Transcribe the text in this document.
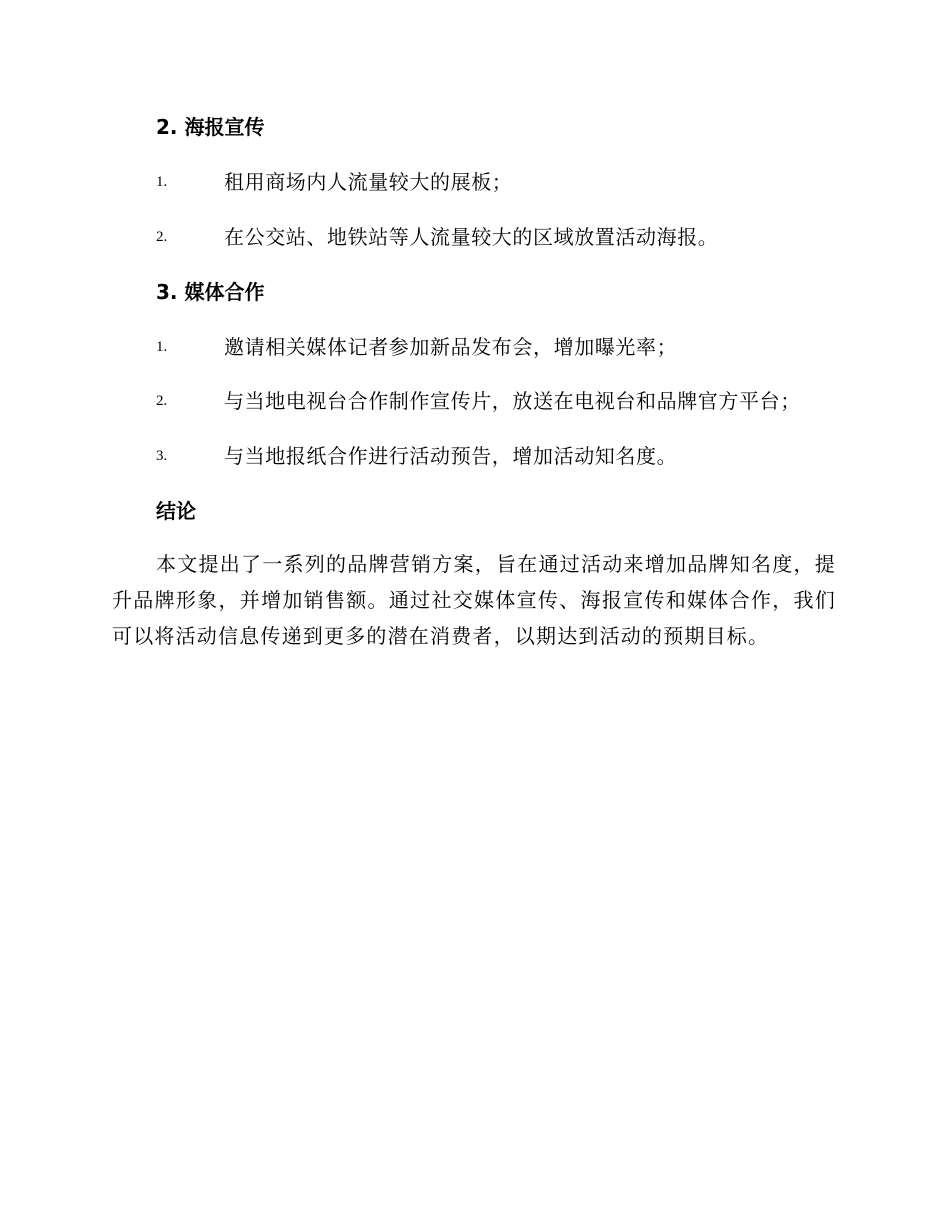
2. 海报宣传
1.	租用商场内人流量较大的展板；
2.	在公交站、地铁站等人流量较大的区域放置活动海报。
3. 媒体合作
1.	邀请相关媒体记者参加新品发布会，增加曝光率；
2.	与当地电视台合作制作宣传片，放送在电视台和品牌官方平台；
3.	与当地报纸合作进行活动预告，增加活动知名度。
结论

本文提出了一系列的品牌营销方案，旨在通过活动来增加品牌知名度，提升品牌形象，并增加销售额。通过社交媒体宣传、海报宣传和媒体合作，我们可以将活动信息传递到更多的潜在消费者，以期达到活动的预期目标。
